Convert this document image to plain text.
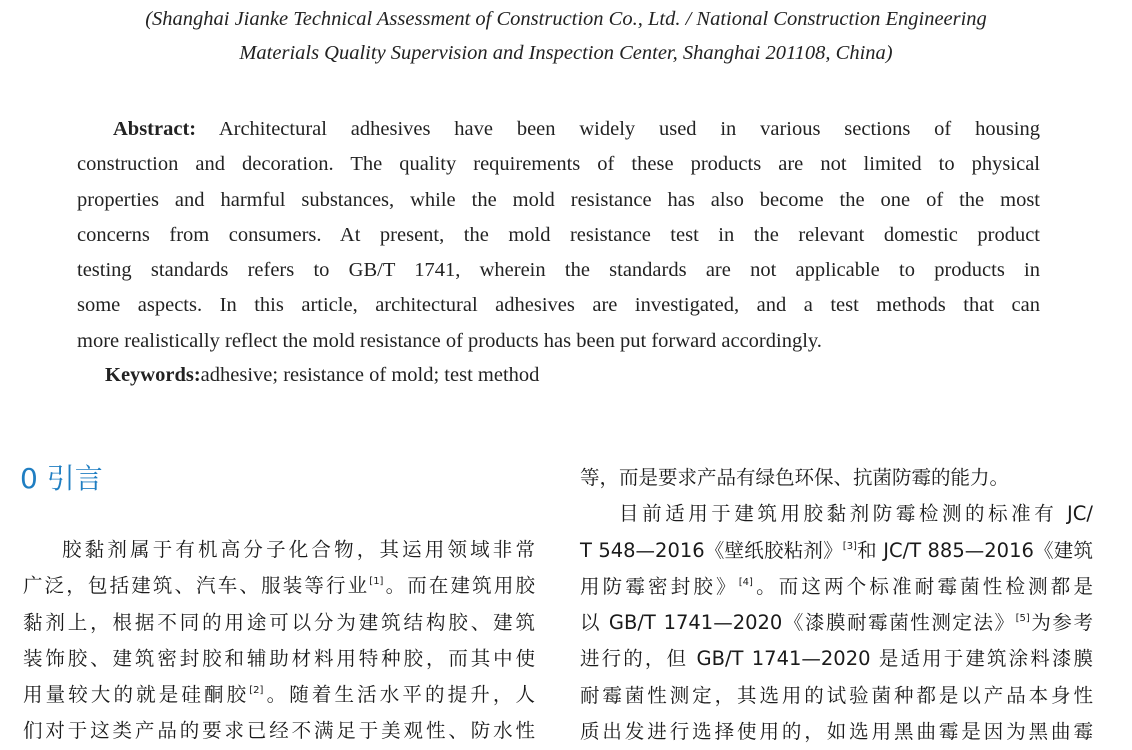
(Shanghai Jianke Technical Assessment of Construction Co., Ltd. / National Construction Engineering
Materials Quality Supervision and Inspection Center, Shanghai 201108, China)
Abstract: Architectural adhesives have been widely used in various sections of housing
construction and decoration. The quality requirements of these products are not limited to physical
properties and harmful substances, while the mold resistance has also become the one of the most
concerns from consumers. At present, the mold resistance test in the relevant domestic product
testing standards refers to GB/T 1741, wherein the standards are not applicable to products in
some aspects. In this article, architectural adhesives are investigated, and a test methods that can
more realistically reflect the mold resistance of products has been put forward accordingly.
Keywords:adhesive; resistance of mold; test method
0 引言
胶黏剂属于有机高分子化合物，其运用领域非常
广泛，包括建筑、汽车、服装等行业[1]。而在建筑用胶
黏剂上，根据不同的用途可以分为建筑结构胶、建筑
装饰胶、建筑密封胶和辅助材料用特种胶，而其中使
用量较大的就是硅酮胶[2]。随着生活水平的提升，人
们对于这类产品的要求已经不满足于美观性、防水性
等，而是要求产品有绿色环保、抗菌防霉的能力。
目前适用于建筑用胶黏剂防霉检测的标准有 JC/
T 548—2016《壁纸胶粘剂》[3]和 JC/T 885—2016《建筑
用防霉密封胶》[4]。而这两个标准耐霉菌性检测都是
以 GB/T 1741—2020《漆膜耐霉菌性测定法》[5]为参考
进行的，但 GB/T 1741—2020 是适用于建筑涂料漆膜
耐霉菌性测定，其选用的试验菌种都是以产品本身性
质出发进行选择使用的，如选用黑曲霉是因为黑曲霉
